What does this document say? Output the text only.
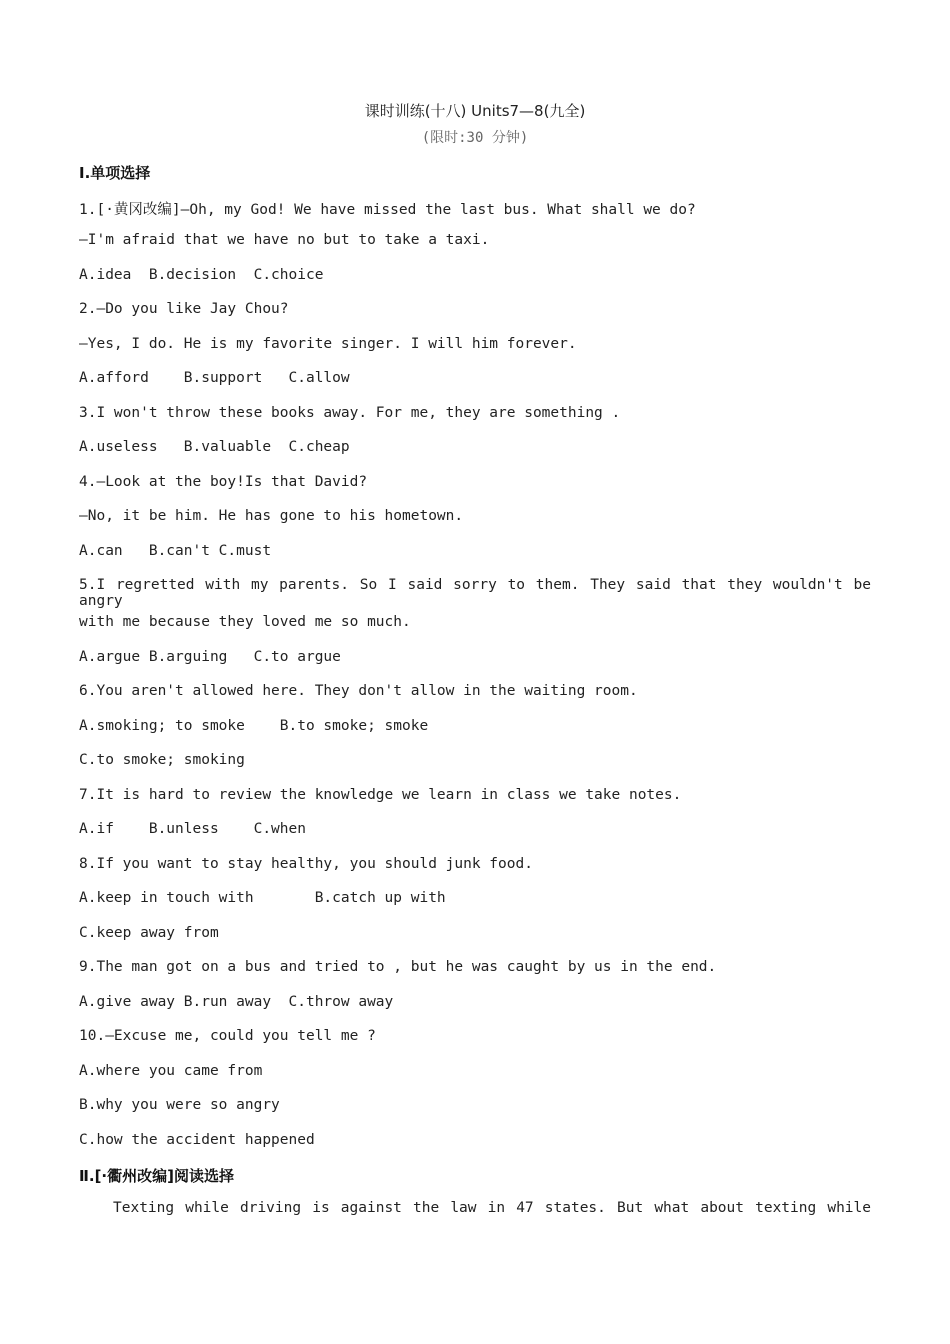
课时训练(十八) Units7—8(九全)
(限时:30 分钟)
Ⅰ.单项选择
1.[·黄冈改编]—Oh, my God! We have missed the last bus. What shall we do?
—I'm afraid that we have no but to take a taxi.
A.idea  B.decision  C.choice
2.—Do you like Jay Chou?
—Yes, I do. He is my favorite singer. I will him forever.
A.afford    B.support   C.allow
3.I won't throw these books away. For me, they are something .
A.useless   B.valuable  C.cheap
4.—Look at the boy!Is that David?
—No, it be him. He has gone to his hometown.
A.can   B.can't C.must
5.I regretted with my parents. So I said sorry to them. They said that they wouldn't be angry
with me because they loved me so much.
A.argue B.arguing   C.to argue
6.You aren't allowed here. They don't allow in the waiting room.
A.smoking; to smoke    B.to smoke; smoke
C.to smoke; smoking
7.It is hard to review the knowledge we learn in class we take notes.
A.if    B.unless    C.when
8.If you want to stay healthy, you should junk food.
A.keep in touch with       B.catch up with
C.keep away from
9.The man got on a bus and tried to , but he was caught by us in the end.
A.give away B.run away  C.throw away
10.—Excuse me, could you tell me ?
A.where you came from
B.why you were so angry
C.how the accident happened
Ⅱ.[·衢州改编]阅读选择
Texting while driving is against the law in 47 states. But what about texting while
